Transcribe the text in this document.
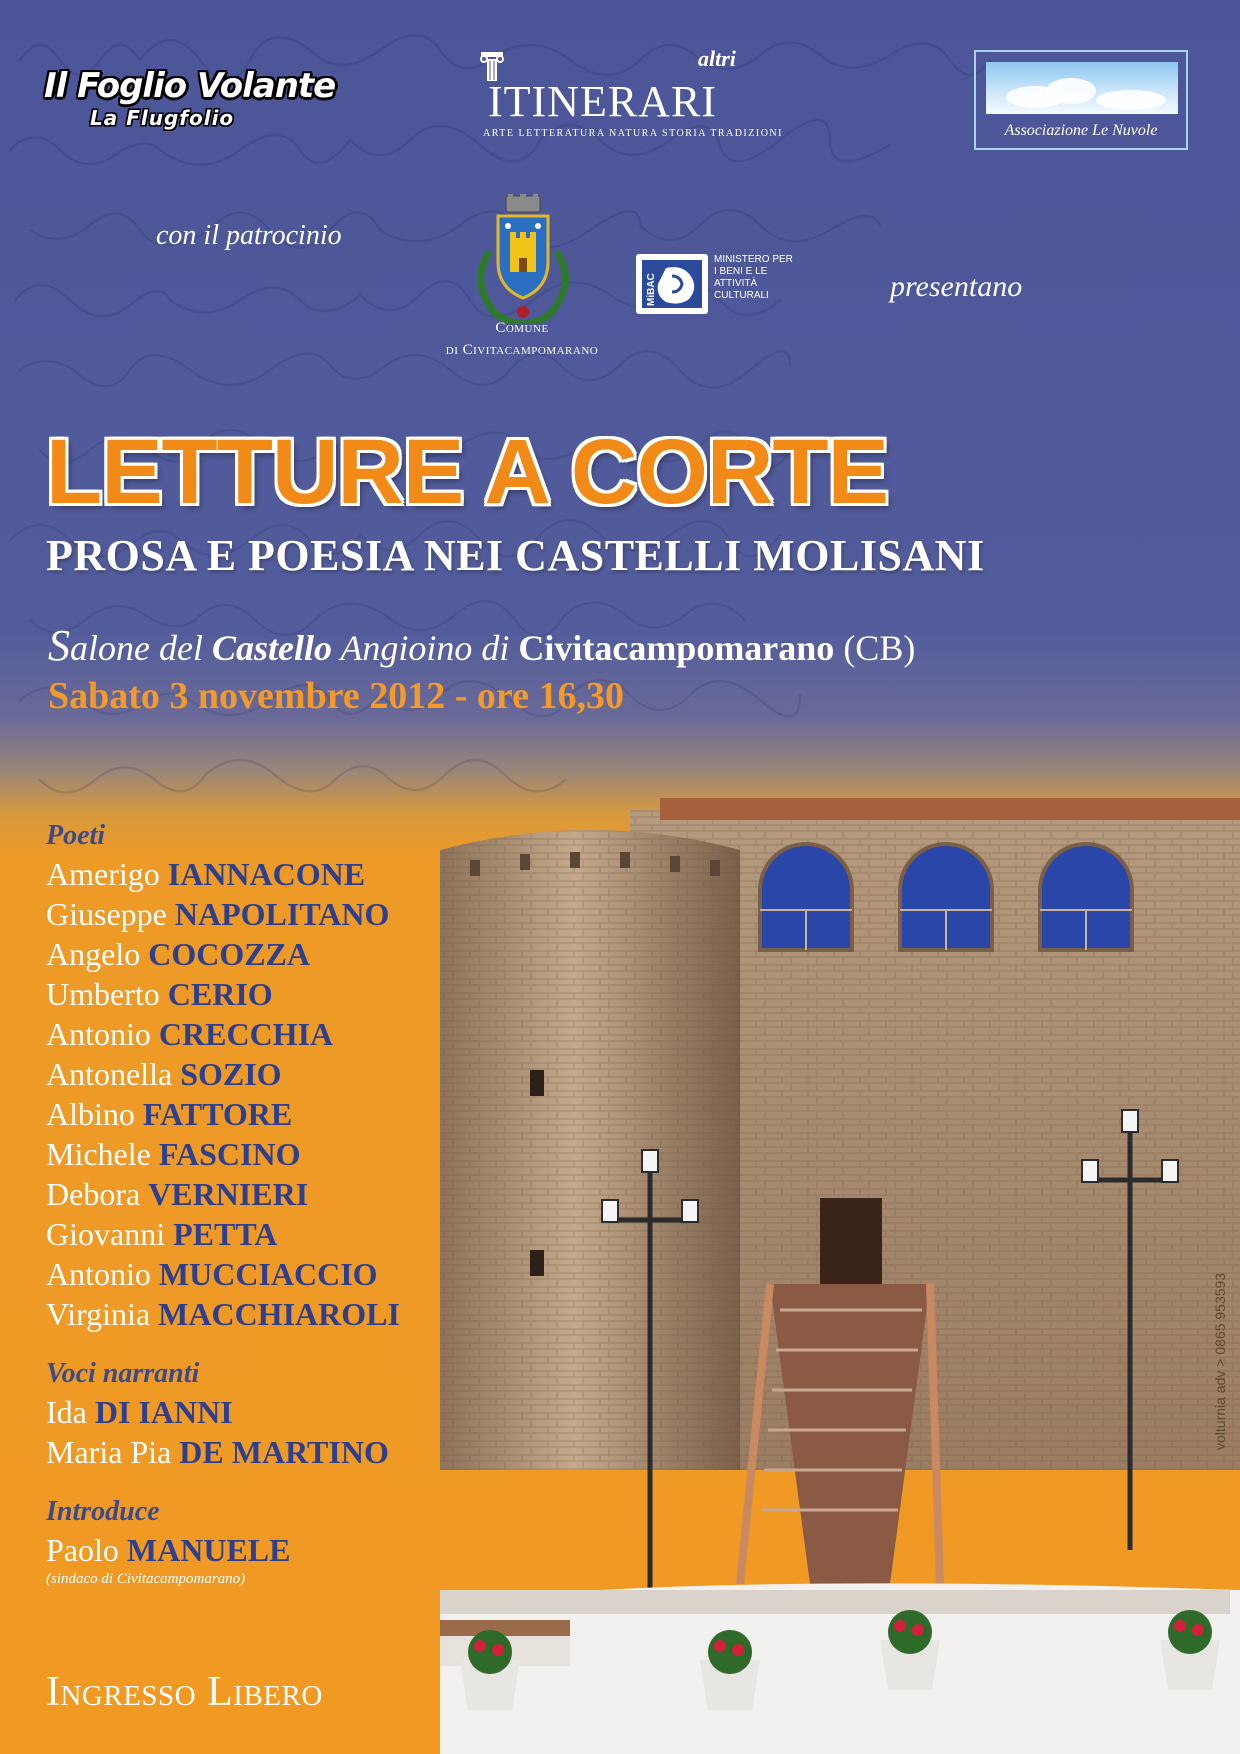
Il Foglio Volante
La Flugfolio
altri
ITINERARI
ARTE LETTERATURA NATURA STORIA TRADIZIONI	Associazione Le Nuvole
con il patrocinio
Comune
di Civitacampomarano
MiBAC
MINISTERO PER I BENI E LE ATTIVITÀ CULTURALI	presentano
LETTURE A CORTE
PROSA E POESIA NEI CASTELLI MOLISANI
Salone del Castello Angioino di Civitacampomarano (CB)
Sabato 3 novembre 2012 - ore 16,30
Poeti
Amerigo IANNACONE
Giuseppe NAPOLITANO
Angelo COCOZZA
Umberto CERIO
Antonio CRECCHIA
Antonella SOZIO
Albino FATTORE
Michele FASCINO
Debora VERNIERI
Giovanni PETTA
Antonio MUCCIACCIO
Virginia MACCHIAROLI
Voci narranti
Ida DI IANNI
Maria Pia DE MARTINO
Introduce
Paolo MANUELE
(sindaco di Civitacampomarano)
Ingresso Libero
volturnia adv > 0865 953593
